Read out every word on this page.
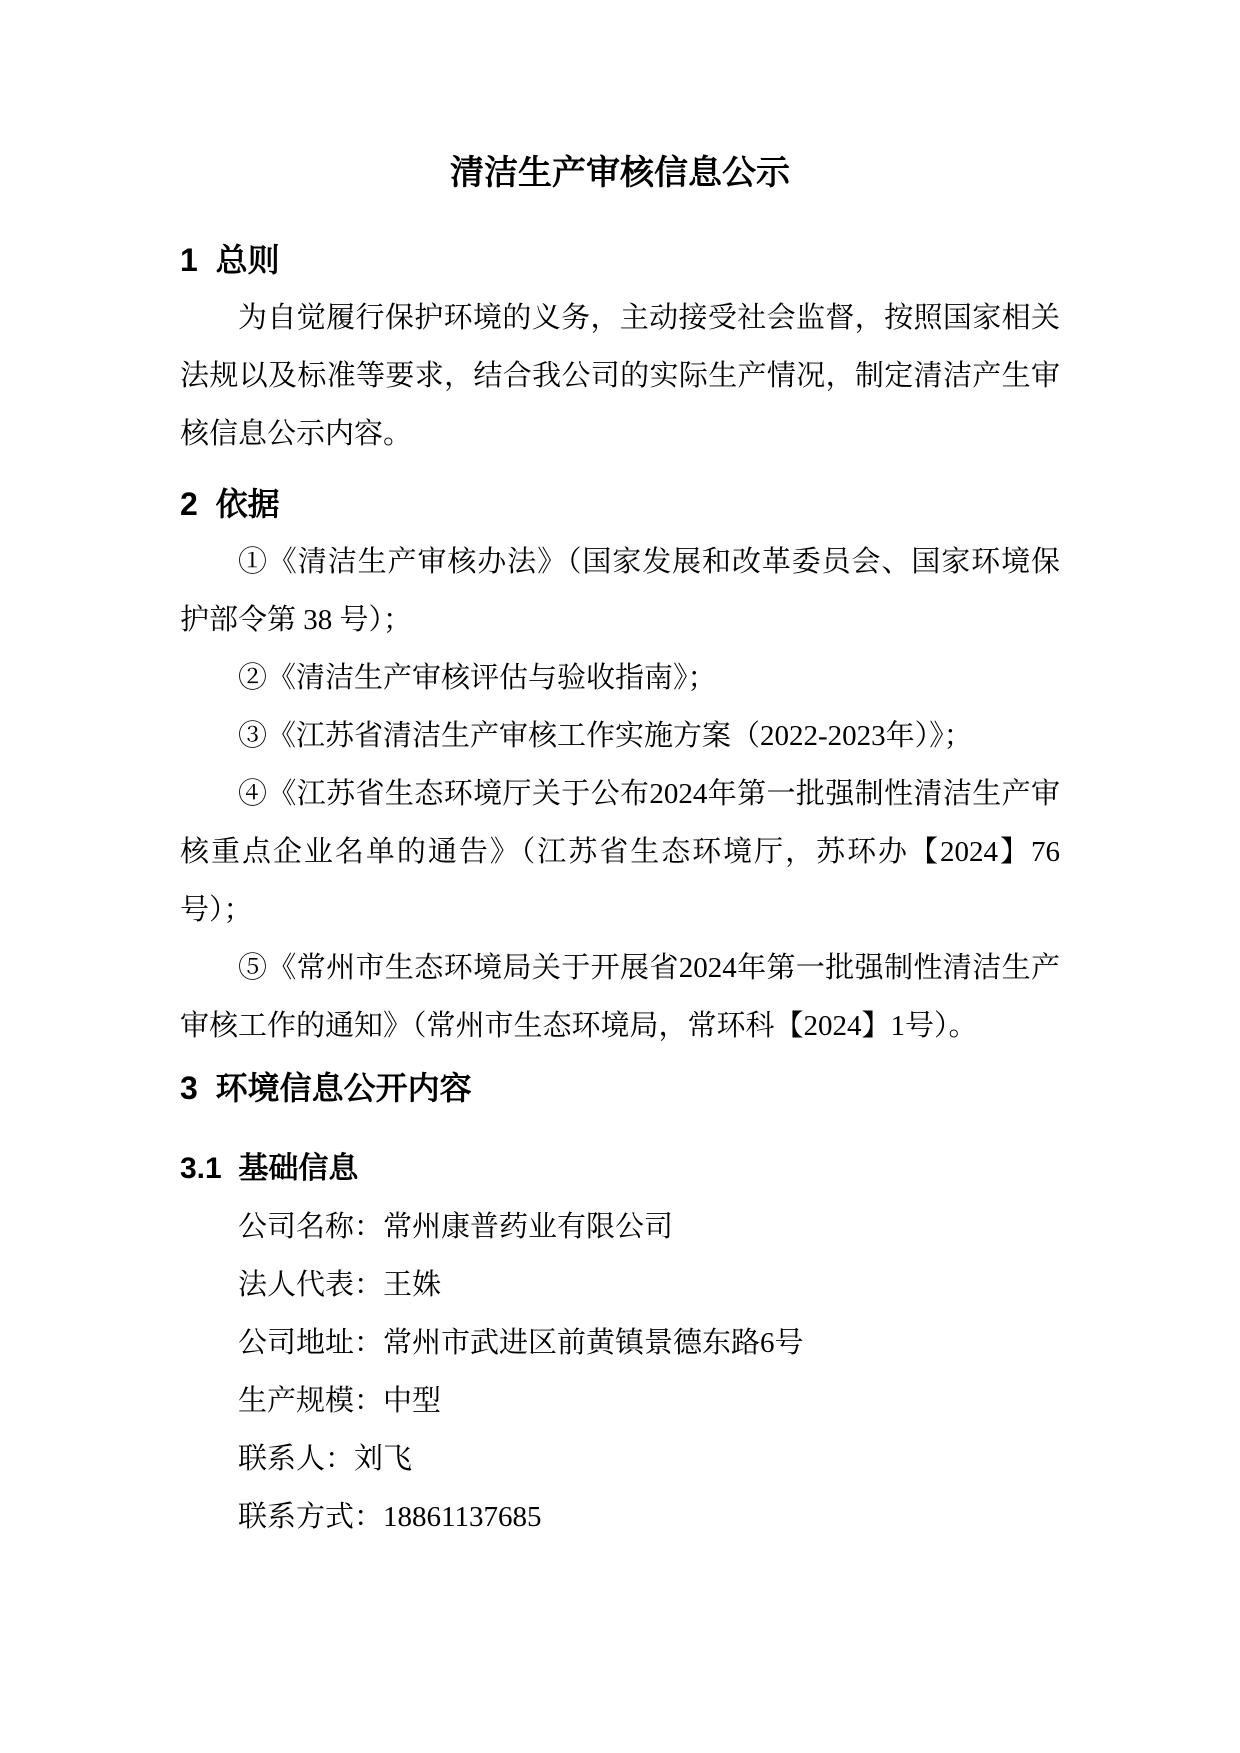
清洁生产审核信息公示
1  总则

为自觉履行保护环境的义务，主动接受社会监督，按照国家相关法规以及标准等要求，结合我公司的实际生产情况，制定清洁产生审核信息公示内容。

2  依据

①《清洁生产审核办法》（国家发展和改革委员会、国家环境保护部令第 38 号）；

②《清洁生产审核评估与验收指南》；

③《江苏省清洁生产审核工作实施方案（2022-2023年）》；

④《江苏省生态环境厅关于公布2024年第一批强制性清洁生产审核重点企业名单的通告》（江苏省生态环境厅，苏环办【2024】76 号）；

⑤《常州市生态环境局关于开展省2024年第一批强制性清洁生产审核工作的通知》（常州市生态环境局，常环科【2024】1号）。

3  环境信息公开内容
3.1  基础信息

公司名称：常州康普药业有限公司

法人代表：王姝

公司地址：常州市武进区前黄镇景德东路6号

生产规模：中型

联系人：刘飞

联系方式：18861137685
